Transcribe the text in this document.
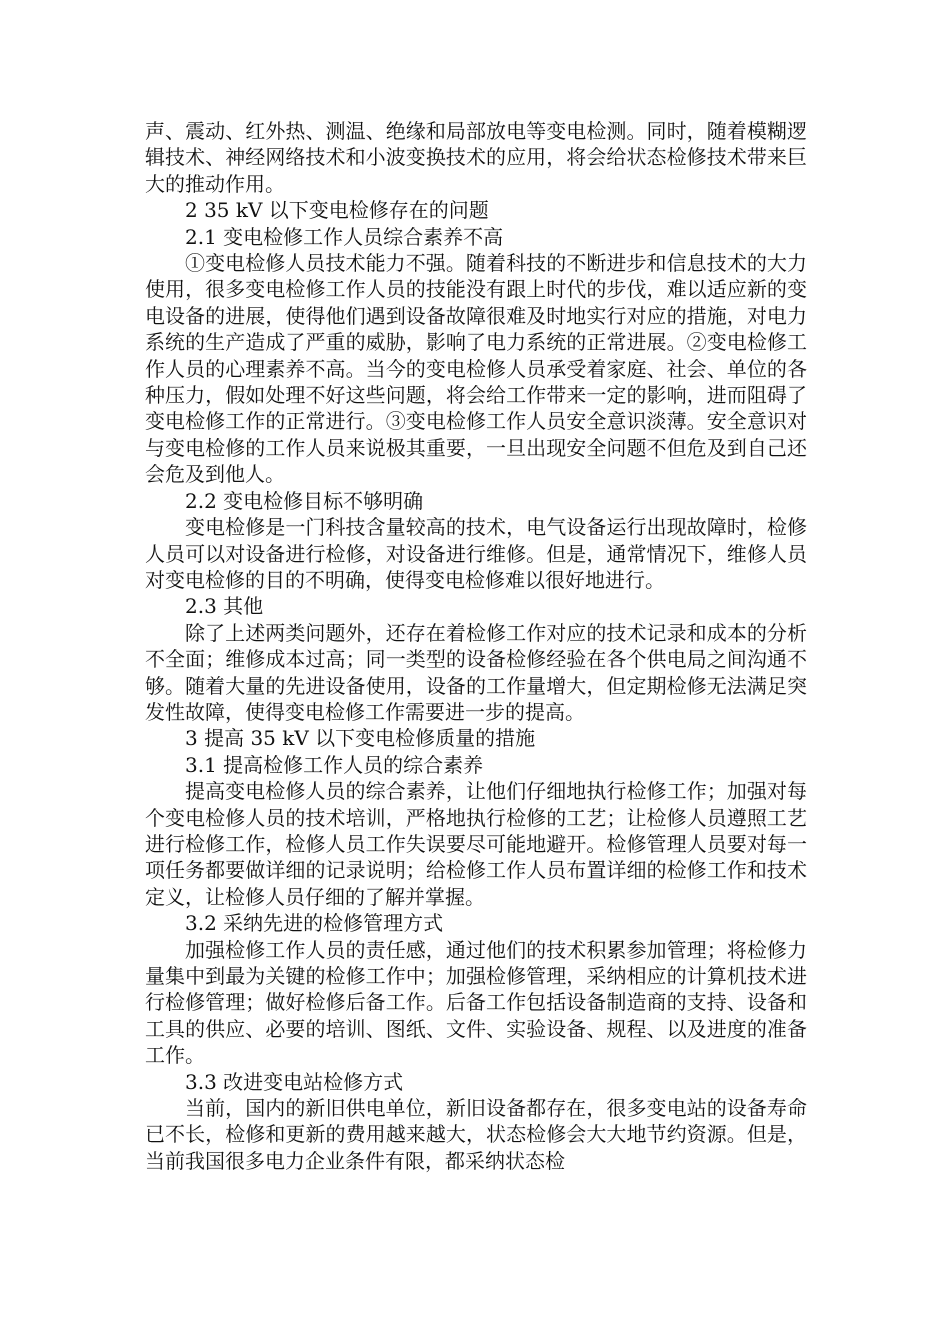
声、震动、红外热、测温、绝缘和局部放电等变电检测。同时，随着模糊逻辑技术、神经网络技术和小波变换技术的应用，将会给状态检修技术带来巨大的推动作用。

2 35 kV 以下变电检修存在的问题
2.1 变电检修工作人员综合素养不高

①变电检修人员技术能力不强。随着科技的不断进步和信息技术的大力使用，很多变电检修工作人员的技能没有跟上时代的步伐，难以适应新的变电设备的进展，使得他们遇到设备故障很难及时地实行对应的措施，对电力系统的生产造成了严重的威胁，影响了电力系统的正常进展。②变电检修工作人员的心理素养不高。当今的变电检修人员承受着家庭、社会、单位的各种压力，假如处理不好这些问题，将会给工作带来一定的影响，进而阻碍了变电检修工作的正常进行。③变电检修工作人员安全意识淡薄。安全意识对与变电检修的工作人员来说极其重要，一旦出现安全问题不但危及到自己还会危及到他人。

2.2 变电检修目标不够明确

变电检修是一门科技含量较高的技术，电气设备运行出现故障时，检修人员可以对设备进行检修，对设备进行维修。但是，通常情况下，维修人员对变电检修的目的不明确，使得变电检修难以很好地进行。

2.3 其他

除了上述两类问题外，还存在着检修工作对应的技术记录和成本的分析不全面；维修成本过高；同一类型的设备检修经验在各个供电局之间沟通不够。随着大量的先进设备使用，设备的工作量增大，但定期检修无法满足突发性故障，使得变电检修工作需要进一步的提高。

3 提高 35 kV 以下变电检修质量的措施
3.1 提高检修工作人员的综合素养

提高变电检修人员的综合素养，让他们仔细地执行检修工作；加强对每个变电检修人员的技术培训，严格地执行检修的工艺；让检修人员遵照工艺进行检修工作，检修人员工作失误要尽可能地避开。检修管理人员要对每一项任务都要做详细的记录说明；给检修工作人员布置详细的检修工作和技术定义，让检修人员仔细的了解并掌握。

3.2 采纳先进的检修管理方式

加强检修工作人员的责任感，通过他们的技术积累参加管理；将检修力量集中到最为关键的检修工作中；加强检修管理，采纳相应的计算机技术进行检修管理；做好检修后备工作。后备工作包括设备制造商的支持、设备和工具的供应、必要的培训、图纸、文件、实验设备、规程、以及进度的准备工作。

3.3 改进变电站检修方式

当前，国内的新旧供电单位，新旧设备都存在，很多变电站的设备寿命已不长，检修和更新的费用越来越大，状态检修会大大地节约资源。但是，当前我国很多电力企业条件有限，都采纳状态检
